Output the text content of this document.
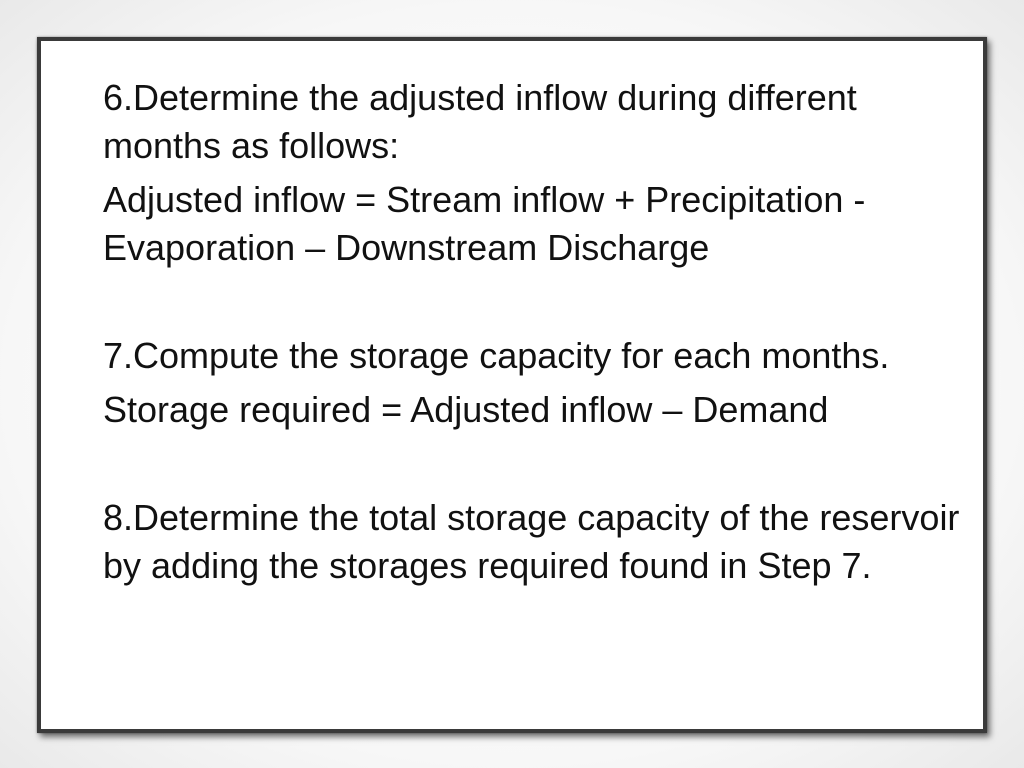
6.Determine the adjusted inflow during different months as follows:

Adjusted inflow = Stream inflow + Precipitation - Evaporation – Downstream Discharge

7.Compute the storage capacity for each months.

Storage required = Adjusted inflow – Demand

8.Determine the total storage capacity of the reservoir by adding the storages required found in Step 7.
